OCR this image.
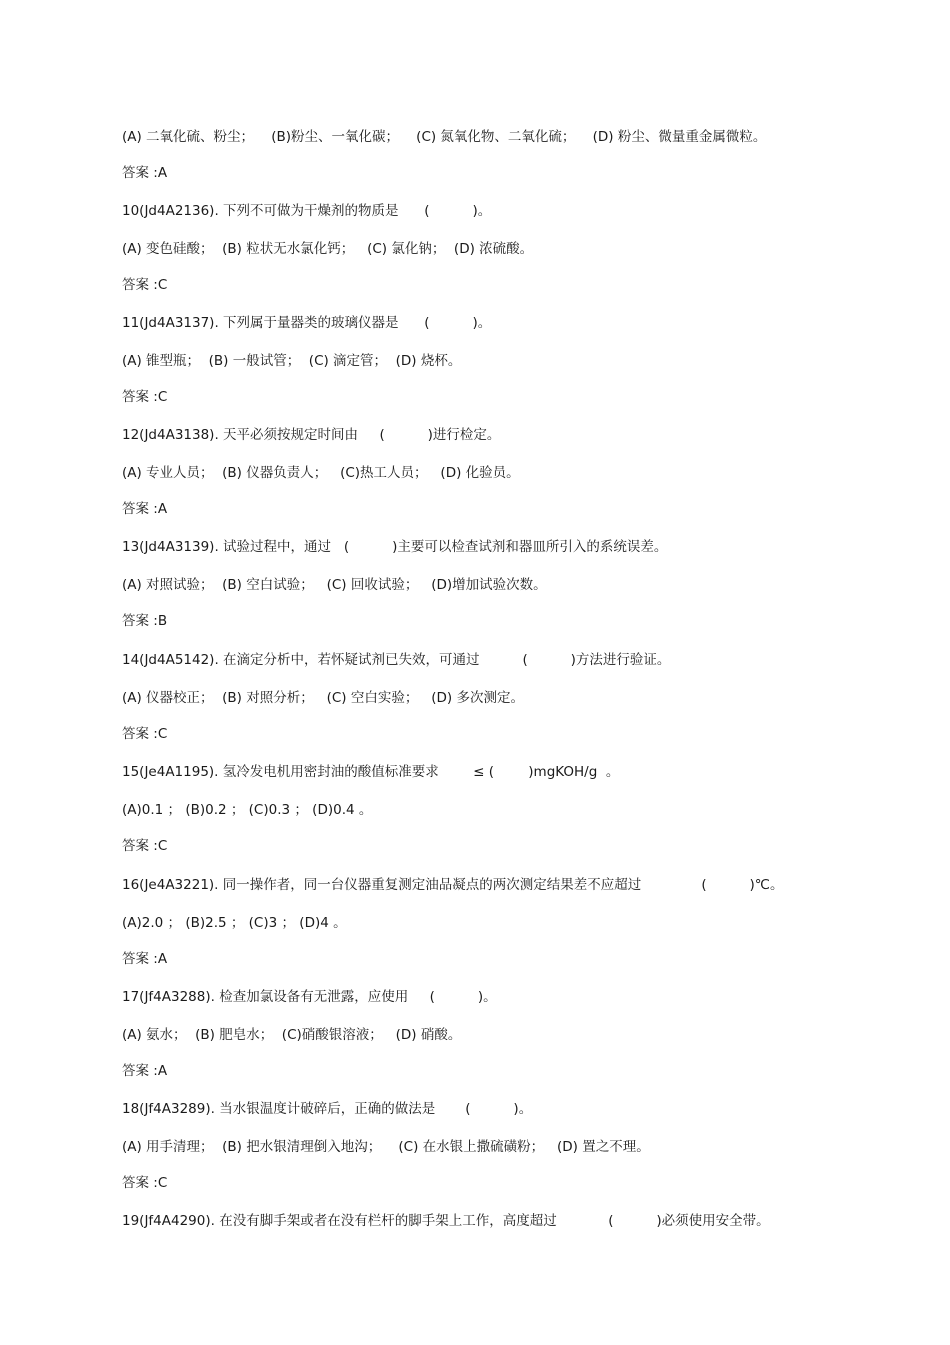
(A) 二氧化硫、粉尘；    (B)粉尘、一氧化碳；    (C) 氮氧化物、二氧化硫；    (D) 粉尘、微量重金属微粒。
答案 :A
10(Jd4A2136). 下列不可做为干燥剂的物质是      (          )。
(A) 变色硅酸；  (B) 粒状无水氯化钙；   (C) 氯化钠；  (D) 浓硫酸。
答案 :C
11(Jd4A3137). 下列属于量器类的玻璃仪器是      (          )。
(A) 锥型瓶；  (B) 一般试管；  (C) 滴定管；  (D) 烧杯。
答案 :C
12(Jd4A3138). 天平必须按规定时间由     (          )进行检定。
(A) 专业人员；  (B) 仪器负责人；   (C)热工人员；   (D) 化验员。
答案 :A
13(Jd4A3139). 试验过程中，通过   (          )主要可以检查试剂和器皿所引入的系统误差。
(A) 对照试验；  (B) 空白试验；   (C) 回收试验；   (D)增加试验次数。
答案 :B
14(Jd4A5142). 在滴定分析中，若怀疑试剂已失效，可通过          (          )方法进行验证。
(A) 仪器校正；  (B) 对照分析；   (C) 空白实验；   (D) 多次测定。
答案 :C
15(Je4A1195). 氢冷发电机用密封油的酸值标准要求        ≤ (        )mgKOH/g  。
(A)0.1 ； (B)0.2 ； (C)0.3 ； (D)0.4 。
答案 :C
16(Je4A3221). 同一操作者，同一台仪器重复测定油品凝点的两次测定结果差不应超过              (          )℃。
(A)2.0 ； (B)2.5 ； (C)3 ； (D)4 。
答案 :A
17(Jf4A3288). 检查加氯设备有无泄露，应使用     (          )。
(A) 氨水；  (B) 肥皂水；  (C)硝酸银溶液；   (D) 硝酸。
答案 :A
18(Jf4A3289). 当水银温度计破碎后，正确的做法是       (          )。
(A) 用手清理；  (B) 把水银清理倒入地沟；    (C) 在水银上撒硫磺粉；   (D) 置之不理。
答案 :C
19(Jf4A4290). 在没有脚手架或者在没有栏杆的脚手架上工作，高度超过            (          )必须使用安全带。
